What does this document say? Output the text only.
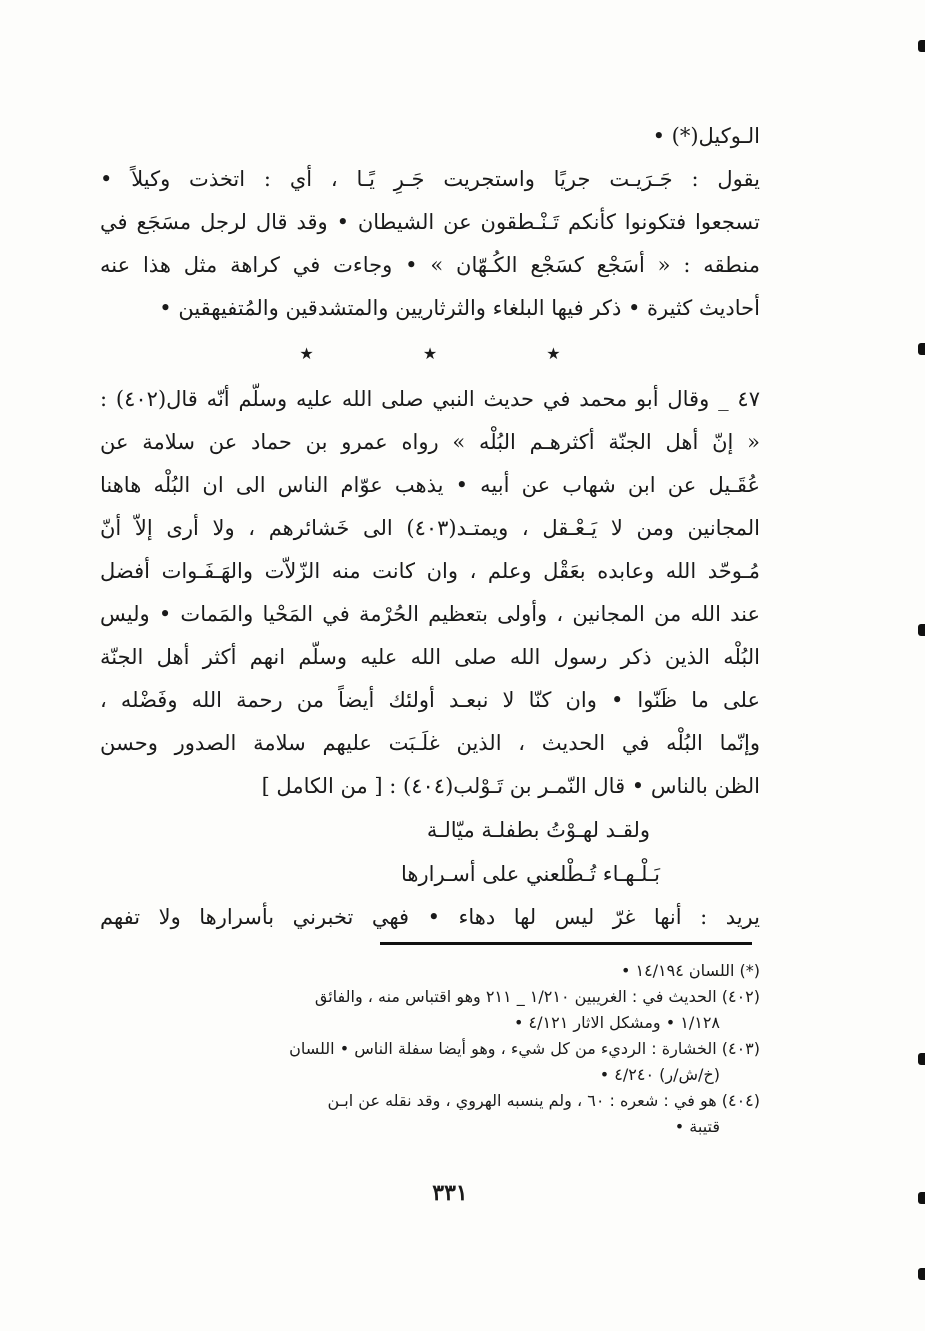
الـوكيل(*) •
يقول : جَـرَيـت جريًا واستجريت جَـرِ يًـا ، أي : اتخذت وكيلاً •
تسجعوا فتكونوا كأنكم تَـنْـطقون عن الشيطان • وقد قال لرجل مسَجَع في
منطقه : « أسَجْع كسَجْع الكُـهّان » • وجاءت في كراهة مثل هذا عنه
أحاديث كثيرة • ذكر فيها البلغاء والثرثاريين والمتشدقين والمُتفيهقين •
★ ★ ★
٤٧ _ وقال أبو محمد في حديث النبي صلى الله عليه وسلّم أنّه قال(٤٠٢) :
« إنّ أهل الجنّة أكثرهـم البُلْه » رواه عمرو بن حماد عن سلامة عن
عُقَـيل عن ابن شهاب عن أبيه • يذهب عوّام الناس الى ان البُلْه هاهنا
المجانين ومن لا يَـعْـقل ، ويمتـد(٤٠٣) الى خَشائرهم ، ولا أرى إلاّ أنّ
مُـوحّد الله وعابده بعَقْل وعلم ، وان كانت منه الزّلاّت والهَـفَـوات أفضل
عند الله من المجانين ، وأولى بتعظيم الحُرْمة في المَحْيا والمَمات • وليس
البُلْه الذين ذكر رسول الله صلى الله عليه وسلّم انهم أكثر أهل الجنّة
على ما ظَنّوا • وان كنّا لا نبعـد أولئك أيضاً من رحمة الله وفَضْله ،
وإنّما البُلْه في الحديث ، الذين غلَـبَت عليهم سلامة الصدور وحسن
الظن بالناس • قال النّمـر بن تَـوْلب(٤٠٤) : [ من الكامل ]
ولقـد لهـوْتُ بطفلـة ميّالـة
بَـلْـهـاء تُـطْلعني على أسـرارها
يريد : أنها غرّ ليس لها دهاء • فهي تخبرني بأسرارها ولا تفهم
(*) اللسان ١٤/١٩٤ •
(٤٠٢) الحديث في : الغريبين ١/٢١٠ _ ٢١١ وهو اقتباس منه ، والفائق
١/١٢٨ • ومشكل الاثار ٤/١٢١ •
(٤٠٣) الخشارة : الرديء من كل شيء ، وهو أيضا سفلة الناس • اللسان
(خ/ش/ر) ٤/٢٤٠ •
(٤٠٤) هو في : شعره : ٦٠ ، ولم ينسبه الهروي ، وقد نقله عن ابـن
قتيبة •
٣٣١
